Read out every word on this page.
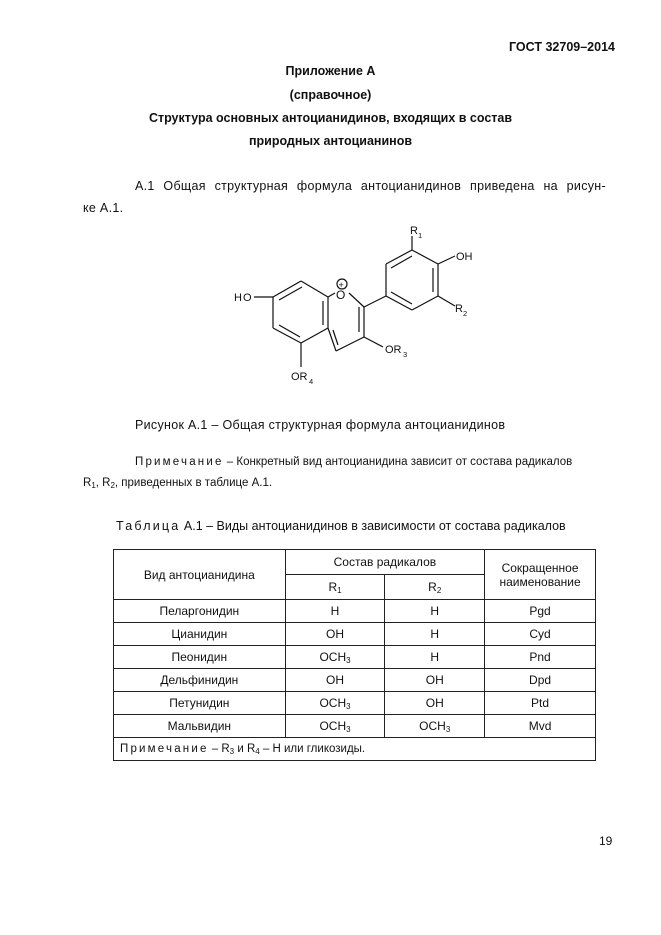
ГОСТ 32709–2014
Приложение А
(справочное)
Структура основных антоцианидинов, входящих в состав
природных антоцианинов
А.1 Общая структурная формула антоцианидинов приведена на рисун-
ке А.1.
R 1
OH
R 2
HO	O
+
OR 3
OR 4
Рисунок А.1 – Общая структурная формула антоцианидинов
Примечание – Конкретный вид антоцианидина зависит от состава радикалов
$R_1$, $R_2$, приведенных в таблице А.1.
Таблица А.1 – Виды антоцианидинов в зависимости от состава радикалов
Вид антоцианидина	Состав радикалов		Сокращенное
наименование
	$R_1$	$R_2$
Пеларгонидин	H	H	Pgd
Цианидин	OH	H	Cyd
Пеонидин	$OCH_3$	H	Pnd
Дельфинидин	OH	OH	Dpd
Петунидин	$OCH_3$	OH	Ptd
Мальвидин	$OCH_3$	$OCH_3$	Mvd
Примечание – $R_3$ и $R_4$ – H или гликозиды.			
19
